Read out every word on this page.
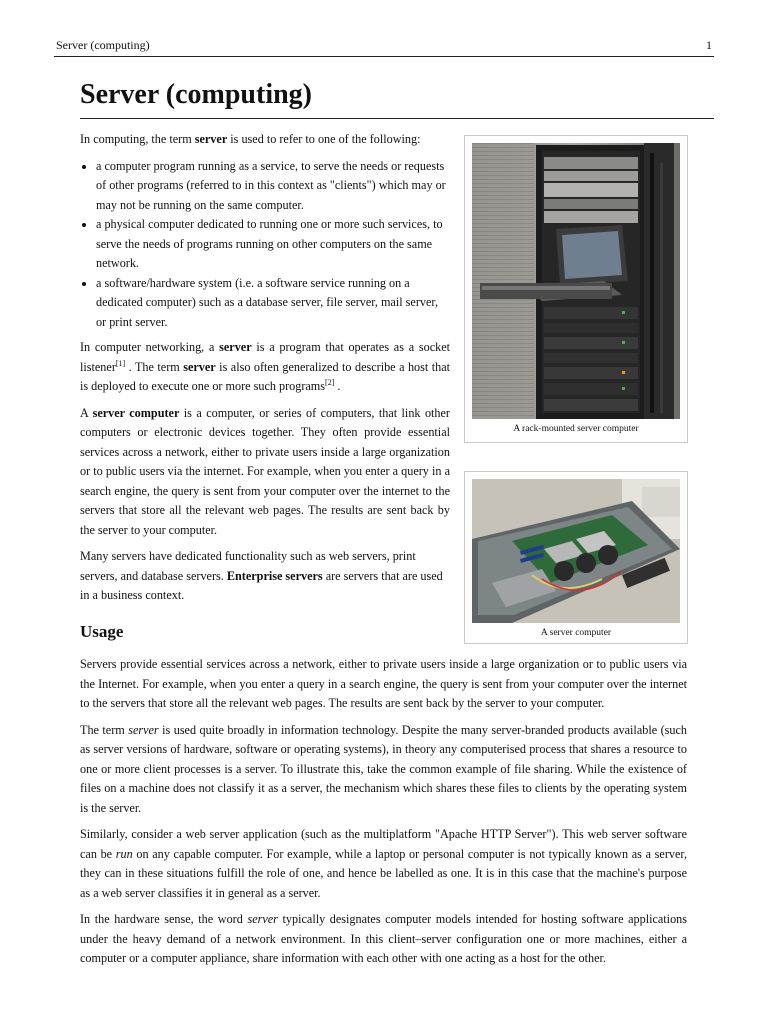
Server (computing)	1
Server (computing)

In computing, the term server is used to refer to one of the following:

• a computer program running as a service, to serve the needs or requests of other programs (referred to in this context as "clients") which may or may not be running on the same computer.
• a physical computer dedicated to running one or more such services, to serve the needs of programs running on other computers on the same network.
• a software/hardware system (i.e. a software service running on a dedicated computer) such as a database server, file server, mail server, or print server.

In computer networking, a server is a program that operates as a socket listener[1] . The term server is also often generalized to describe a host that is deployed to execute one or more such programs[2] .

A server computer is a computer, or series of computers, that link other computers or electronic devices together. They often provide essential services across a network, either to private users inside a large organization or to public users via the internet. For example, when you enter a query in a search engine, the query is sent from your computer over the internet to the servers that store all the relevant web pages. The results are sent back by the server to your computer.

Many servers have dedicated functionality such as web servers, print servers, and database servers. Enterprise servers are servers that are used in a business context.

A rack-mounted server computer
A server computer
Usage

Servers provide essential services across a network, either to private users inside a large organization or to public users via the Internet. For example, when you enter a query in a search engine, the query is sent from your computer over the internet to the servers that store all the relevant web pages. The results are sent back by the server to your computer.

The term server is used quite broadly in information technology. Despite the many server-branded products available (such as server versions of hardware, software or operating systems), in theory any computerised process that shares a resource to one or more client processes is a server. To illustrate this, take the common example of file sharing. While the existence of files on a machine does not classify it as a server, the mechanism which shares these files to clients by the operating system is the server.

Similarly, consider a web server application (such as the multiplatform "Apache HTTP Server"). This web server software can be run on any capable computer. For example, while a laptop or personal computer is not typically known as a server, they can in these situations fulfill the role of one, and hence be labelled as one. It is in this case that the machine's purpose as a web server classifies it in general as a server.

In the hardware sense, the word server typically designates computer models intended for hosting software applications under the heavy demand of a network environment. In this client–server configuration one or more machines, either a computer or a computer appliance, share information with each other with one acting as a host for the other.
